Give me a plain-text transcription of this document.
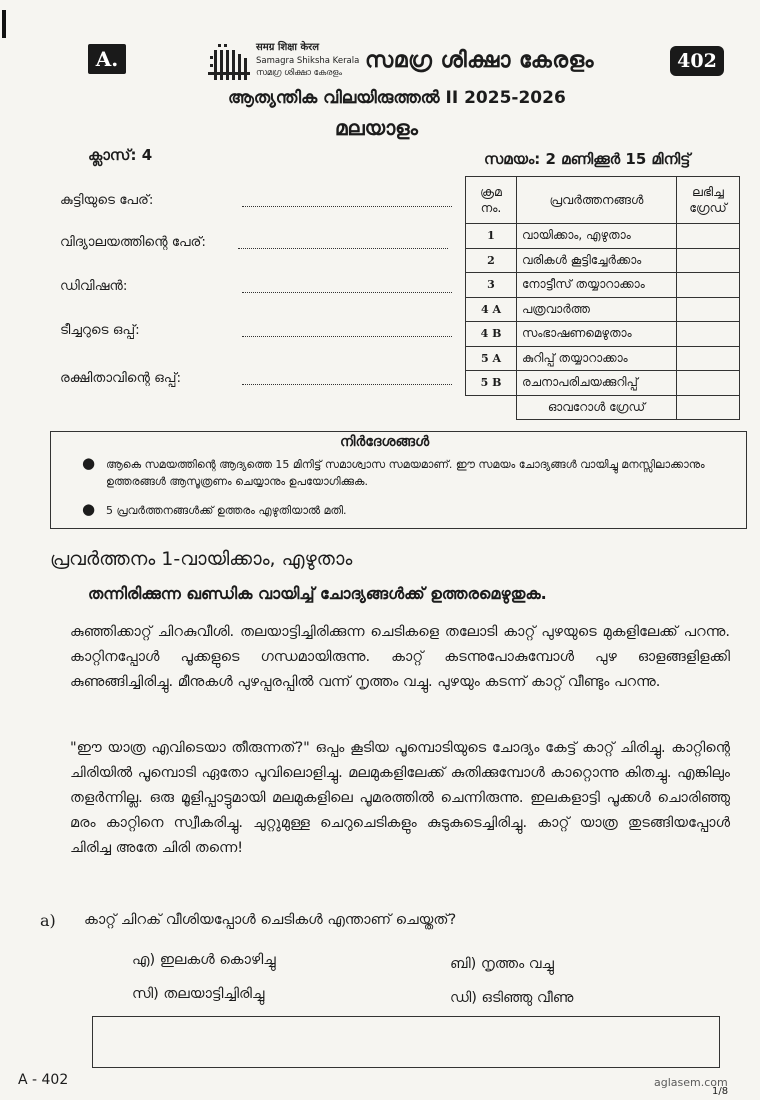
A.	समग्र शिक्षा केरल
Samagra Shiksha Kerala
സമഗ്ര ശിക്ഷാ കേരളം സമഗ്ര ശിക്ഷാ കേരളം	402
ആത്യന്തിക വിലയിരുത്തൽ II 2025-2026
മലയാളം
ക്ലാസ്: 4	സമയം: 2 മണിക്കൂർ 15 മിനിട്ട്
കുട്ടിയുടെ പേര്:
വിദ്യാലയത്തിന്റെ പേര്:
ഡിവിഷൻ:
ടീച്ചറുടെ ഒപ്പ്:
രക്ഷിതാവിന്റെ ഒപ്പ്:
ക്രമ നം.	പ്രവർത്തനങ്ങൾ	ലഭിച്ച ഗ്രേഡ്
1	വായിക്കാം, എഴുതാം	
2	വരികൾ കൂട്ടിച്ചേർക്കാം	
3	നോട്ടീസ് തയ്യാറാക്കാം	
4 A	പത്രവാർത്ത	
4 B	സംഭാഷണമെഴുതാം	
5 A	കുറിപ്പ് തയ്യാറാക്കാം	
5 B	രചനാപരിചയക്കുറിപ്പ്	
	ഓവറോൾ ഗ്രേഡ്	
നിർദേശങ്ങൾ
● ആകെ സമയത്തിന്റെ ആദ്യത്തെ 15 മിനിട്ട് സമാശ്വാസ സമയമാണ്. ഈ സമയം ചോദ്യങ്ങൾ വായിച്ചു മനസ്സിലാക്കാനും ഉത്തരങ്ങൾ ആസൂത്രണം ചെയ്യാനും ഉപയോഗിക്കുക.
● 5 പ്രവർത്തനങ്ങൾക്ക് ഉത്തരം എഴുതിയാൽ മതി.
പ്രവർത്തനം 1-വായിക്കാം, എഴുതാം
തന്നിരിക്കുന്ന ഖണ്ഡിക വായിച്ച് ചോദ്യങ്ങൾക്ക് ഉത്തരമെഴുതുക.
കുഞ്ഞിക്കാറ്റ് ചിറകുവീശി. തലയാട്ടിച്ചിരിക്കുന്ന ചെടികളെ തലോടി കാറ്റ് പുഴയുടെ മുകളിലേക്ക് പറന്നു. കാറ്റിനപ്പോൾ പൂക്കളുടെ ഗന്ധമായിരുന്നു. കാറ്റ് കടന്നുപോകുമ്പോൾ പുഴ ഓളങ്ങളിളക്കി കുണുങ്ങിച്ചിരിച്ചു. മീനുകൾ പുഴപ്പരപ്പിൽ വന്ന് നൃത്തം വച്ചു. പുഴയും കടന്ന് കാറ്റ് വീണ്ടും പറന്നു.
"ഈ യാത്ര എവിടെയാ തീരുന്നത്?" ഒപ്പം കൂടിയ പൂമ്പൊടിയുടെ ചോദ്യം കേട്ട് കാറ്റ് ചിരിച്ചു. കാറ്റിന്റെ ചിരിയിൽ പൂമ്പൊടി ഏതോ പൂവിലൊളിച്ചു. മലമുകളിലേക്ക് കുതിക്കുമ്പോൾ കാറ്റൊന്നു കിതച്ചു. എങ്കിലും തളർന്നില്ല. ഒരു മൂളിപ്പാട്ടുമായി മലമുകളിലെ പൂമരത്തിൽ ചെന്നിരുന്നു. ഇലകളാട്ടി പൂക്കൾ ചൊരിഞ്ഞു മരം കാറ്റിനെ സ്വീകരിച്ചു. ചുറ്റുമുള്ള ചെറുചെടികളും കുടുകുടെച്ചിരിച്ചു. കാറ്റ് യാത്ര തുടങ്ങിയപ്പോൾ ചിരിച്ച അതേ ചിരി തന്നെ!
a) കാറ്റ് ചിറക് വീശിയപ്പോൾ ചെടികൾ എന്താണ് ചെയ്തത്?
എ) ഇലകൾ കൊഴിച്ചു	ബി) നൃത്തം വച്ചു
സി) തലയാട്ടിച്ചിരിച്ചു	ഡി) ഒടിഞ്ഞു വീണു
A - 402	aglasem.com
1/8
